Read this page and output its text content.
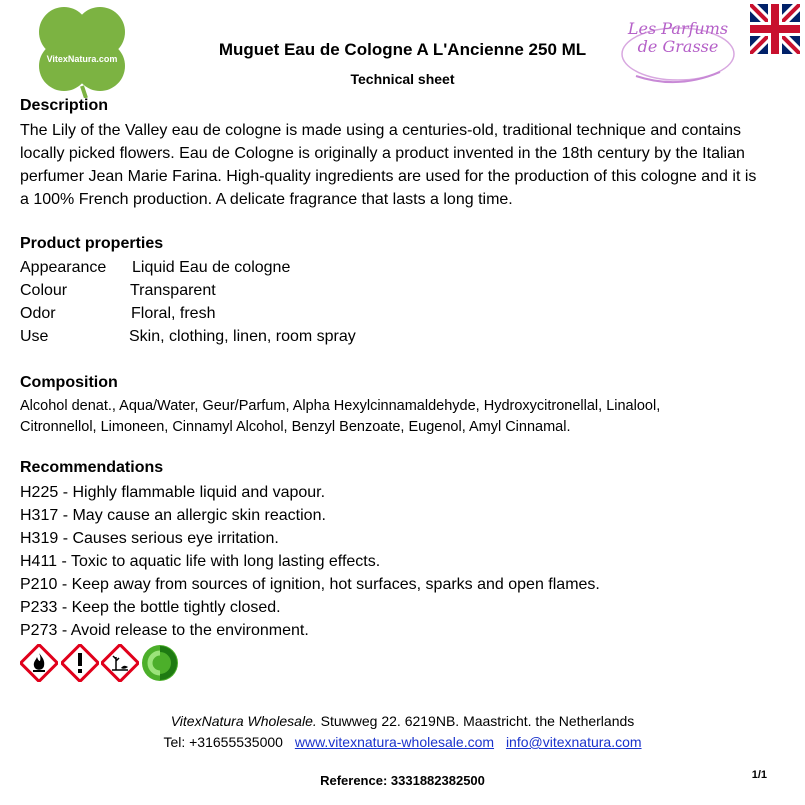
VitexNatura.com
Les Parfums de Grasse
Muguet Eau de Cologne A L'Ancienne 250 ML
Technical sheet
Description
The Lily of the Valley eau de cologne is made using a centuries-old, traditional technique and contains
locally picked flowers. Eau de Cologne is originally a product invented in the 18th century by the Italian
perfumer Jean Marie Farina. High-quality ingredients are used for the production of this cologne and it is
a 100% French production. A delicate fragrance that lasts a long time.
Product properties
Appearance Liquid Eau de cologne
Colour	Transparent
Odor	Floral, fresh
Use	Skin, clothing, linen, room spray
Composition
Alcohol denat., Aqua/Water, Geur/Parfum, Alpha Hexylcinnamaldehyde, Hydroxycitronellal, Linalool,
Citronnellol, Limoneen, Cinnamyl Alcohol, Benzyl Benzoate, Eugenol, Amyl Cinnamal.
Recommendations
H225 - Highly flammable liquid and vapour.
H317 - May cause an allergic skin reaction.
H319 - Causes serious eye irritation.
H411 - Toxic to aquatic life with long lasting effects.
P210 - Keep away from sources of ignition, hot surfaces, sparks and open flames.
P233 - Keep the bottle tightly closed.
P273 - Avoid release to the environment.
VitexNatura Wholesale. Stuwweg 22. 6219NB. Maastricht. the Netherlands
Tel: +31655535000 www.vitexnatura-wholesale.com info@vitexnatura.com
Reference: 3331882382500	1/1
